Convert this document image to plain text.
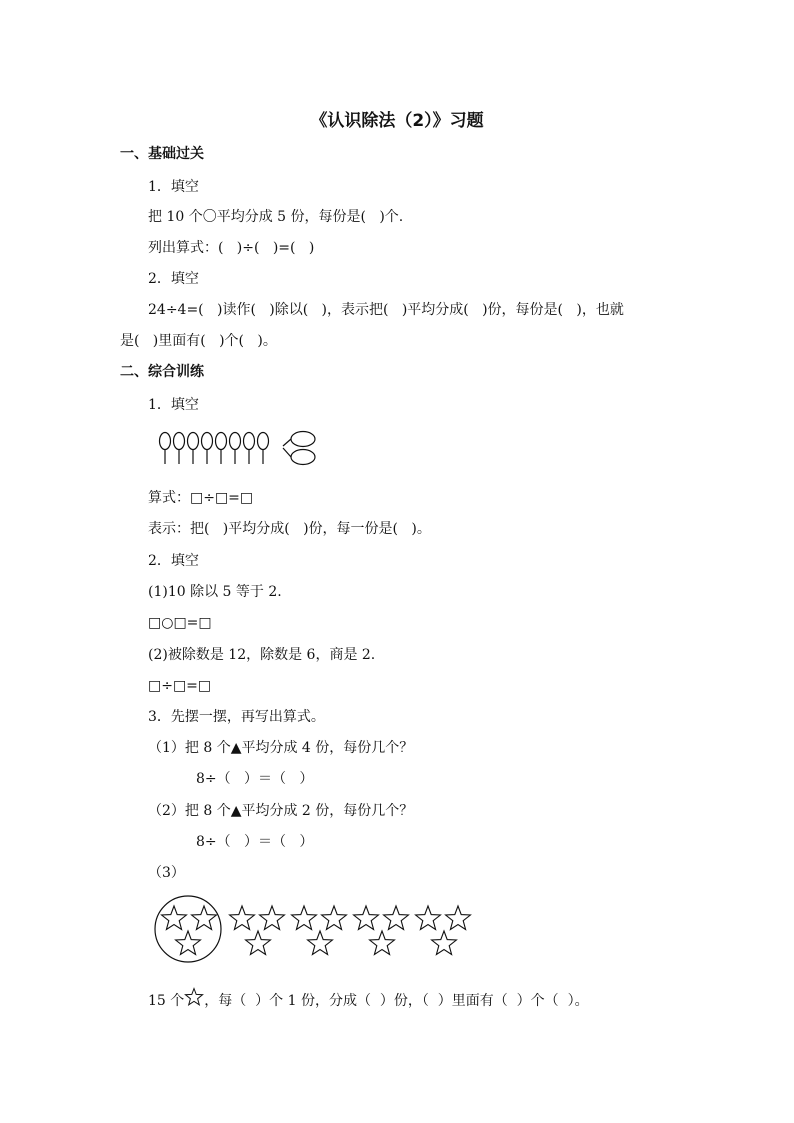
《认识除法（2）》习题
一、基础过关
1．填空
把 10 个〇平均分成 5 份，每份是(   )个.
列出算式：(   )÷(   )=(   )
2．填空
24÷4=(   )读作(   )除以(   )，表示把(   )平均分成(   )份，每份是(   )，也就
是(   )里面有(   )个(   )。
二、综合训练
1．填空
算式：□÷□=□
表示：把(   )平均分成(   )份，每一份是(   )。
2．填空
(1)10 除以 5 等于 2.
□○□=□
(2)被除数是 12，除数是 6，商是 2.
□÷□=□
3．先摆一摆，再写出算式。
（1）把 8 个▲平均分成 4 份，每份几个？
8÷（   ）＝（   ）
（2）把 8 个▲平均分成 2 份，每份几个？
8÷（   ）＝（   ）
（3）
15 个 ，每（  ）个 1 份，分成（  ）份，（  ）里面有（  ）个（  ）。
